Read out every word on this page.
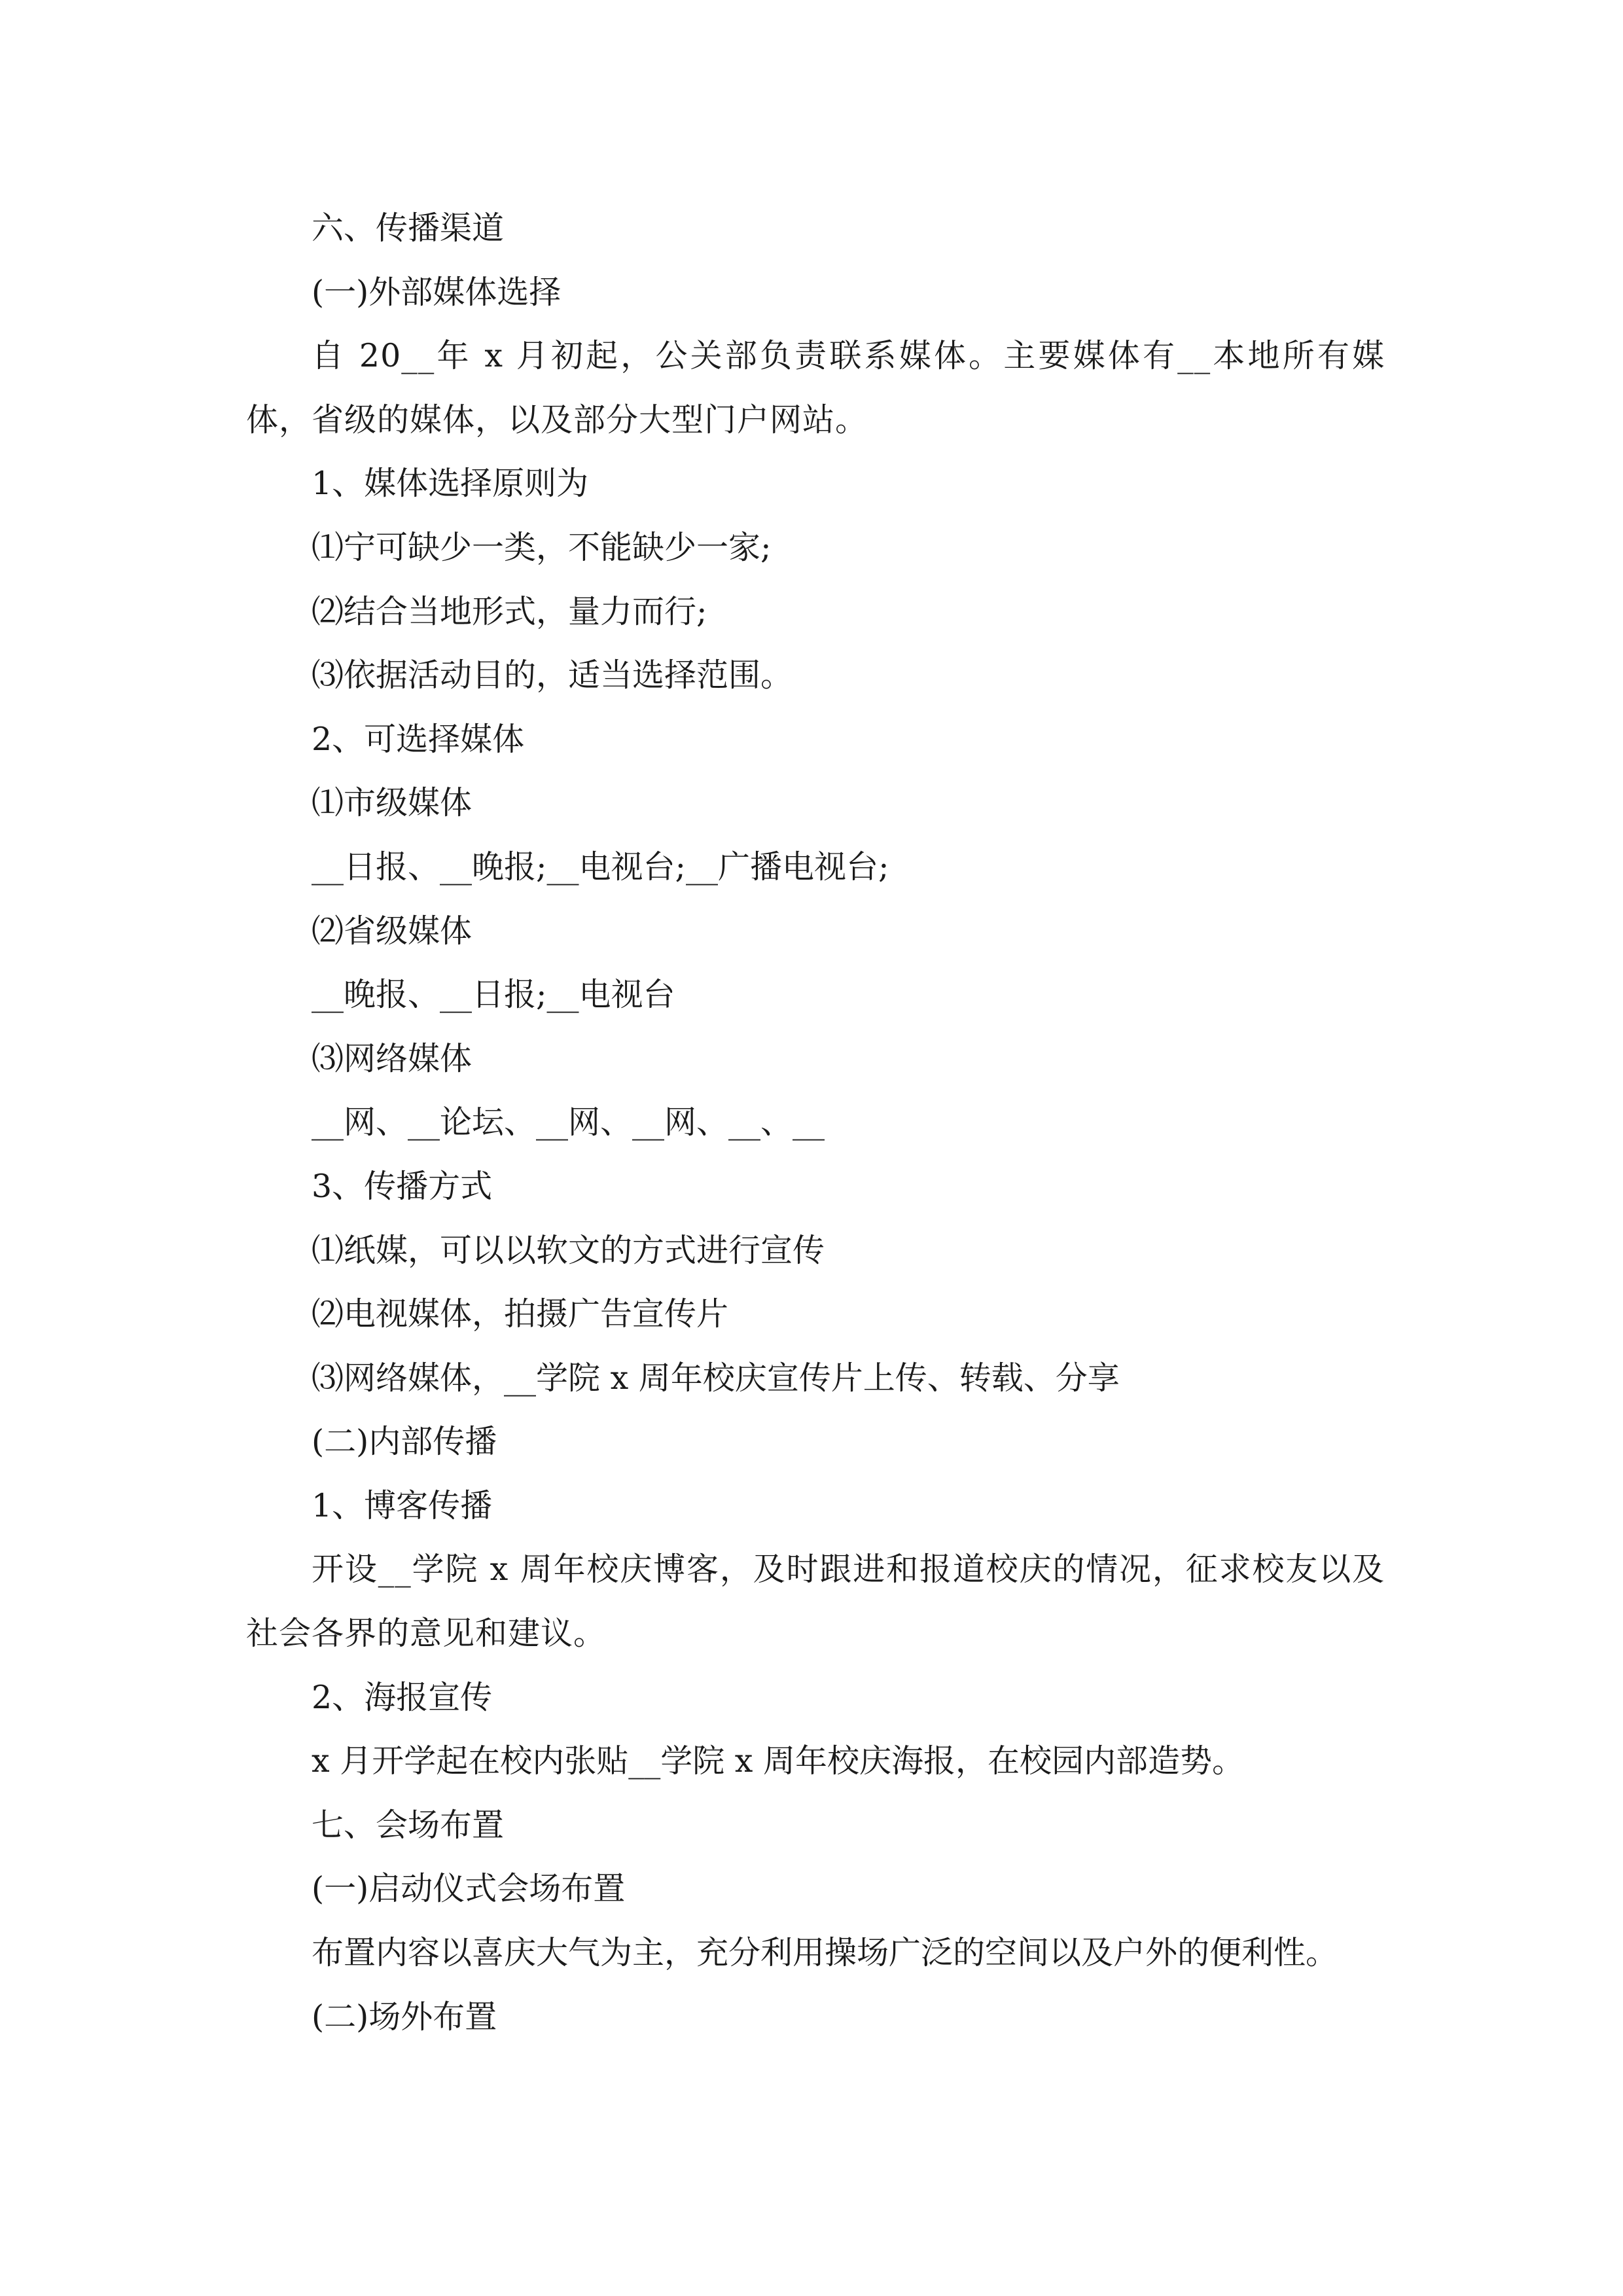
六、传播渠道

(一)外部媒体选择

自 20__年 x 月初起，公关部负责联系媒体。主要媒体有__本地所有媒体，省级的媒体，以及部分大型门户网站。

1、媒体选择原则为

⑴宁可缺少一类，不能缺少一家;

⑵结合当地形式，量力而行;

⑶依据活动目的，适当选择范围。

2、可选择媒体

⑴市级媒体

__日报、__晚报;__电视台;__广播电视台;

⑵省级媒体

__晚报、__日报;__电视台

⑶网络媒体

__网、__论坛、__网、__网、__、__

3、传播方式

⑴纸媒，可以以软文的方式进行宣传

⑵电视媒体，拍摄广告宣传片

⑶网络媒体，__学院 x 周年校庆宣传片上传、转载、分享

(二)内部传播

1、博客传播

开设__学院 x 周年校庆博客，及时跟进和报道校庆的情况，征求校友以及社会各界的意见和建议。

2、海报宣传

x 月开学起在校内张贴__学院 x 周年校庆海报，在校园内部造势。

七、会场布置

(一)启动仪式会场布置

布置内容以喜庆大气为主，充分利用操场广泛的空间以及户外的便利性。

(二)场外布置
